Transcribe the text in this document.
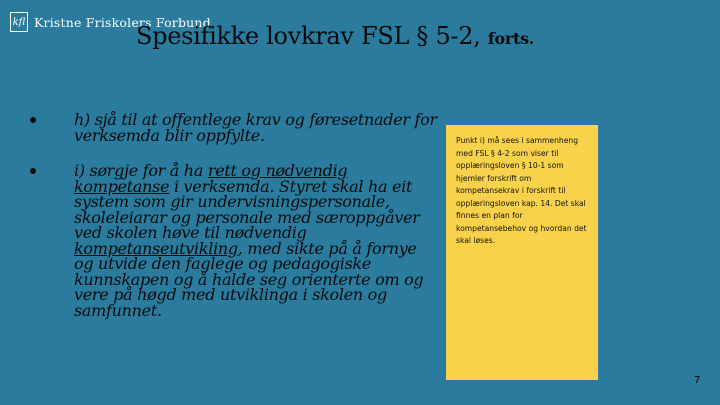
kfl Kristne Friskolers Forbund
Spesifikke lovkrav FSL § 5-2, forts.
h) sjå til at offentlege krav og føresetnader for verksemda blir oppfylte.
i) sørgje for å ha rett og nødvendig kompetanse i verksemda. Styret skal ha eit system som gir undervisningspersonale, skoleleiarar og personale med særoppgåver ved skolen høve til nødvendig kompetanseutvikling, med sikte på å fornye og utvide den faglege og pedagogiske kunnskapen og å halde seg orienterte om og vere på høgd med utviklinga i skolen og samfunnet.

Punkt i) må sees i sammenheng med FSL § 4-2 som viser til opplæringsloven § 10-1 som hjemler forskrift om kompetansekrav i forskrift til opplæringsloven kap. 14. Det skal finnes en plan for kompetansebehov og hvordan det skal løses.

7
